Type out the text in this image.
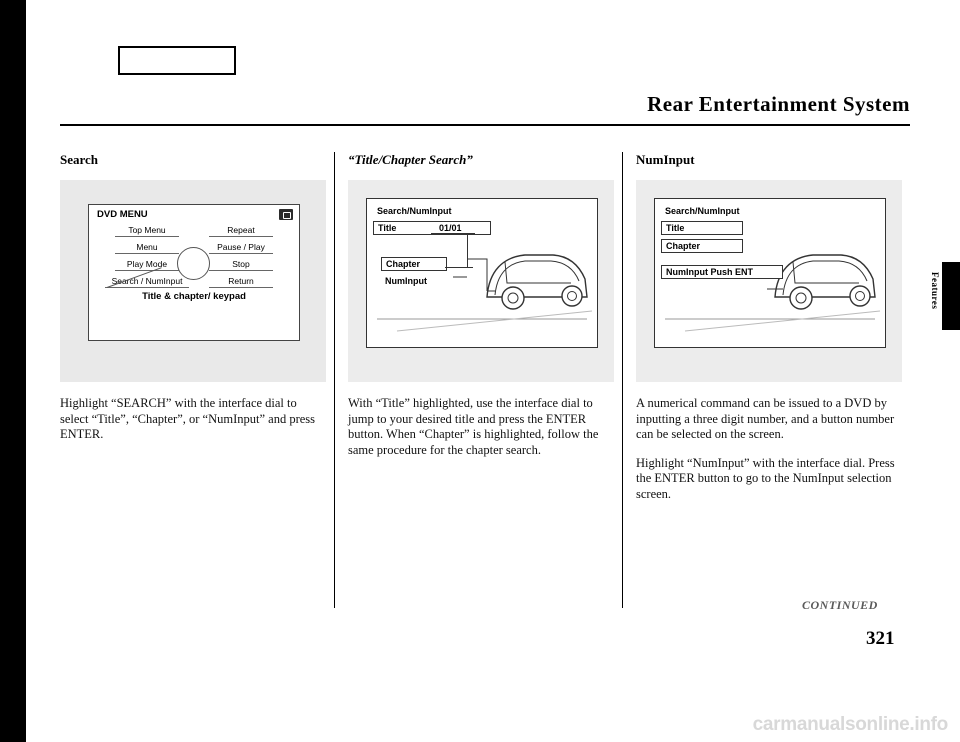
Rear Entertainment System
Features
Search
DVD MENU
Top Menu	Repeat
Menu	Pause / Play
Play Mode	Stop
Search / NumInput	Return
Title & chapter/ keypad

Highlight “SEARCH” with the interface dial to select “Title”, “Chapter”, or “NumInput” and press ENTER.

“Title/Chapter Search”
Search/NumInput
Title	01/01
Chapter
NumInput

With “Title” highlighted, use the interface dial to jump to your desired title and press the ENTER button. When “Chapter” is highlighted, follow the same procedure for the chapter search.

NumInput
Search/NumInput
Title
Chapter
NumInput Push ENT

A numerical command can be issued to a DVD by inputting a three digit number, and a button number can be selected on the screen.

Highlight “NumInput” with the interface dial. Press the ENTER button to go to the NumInput selection screen.

CONTINUED
321
carmanualsonline.info
